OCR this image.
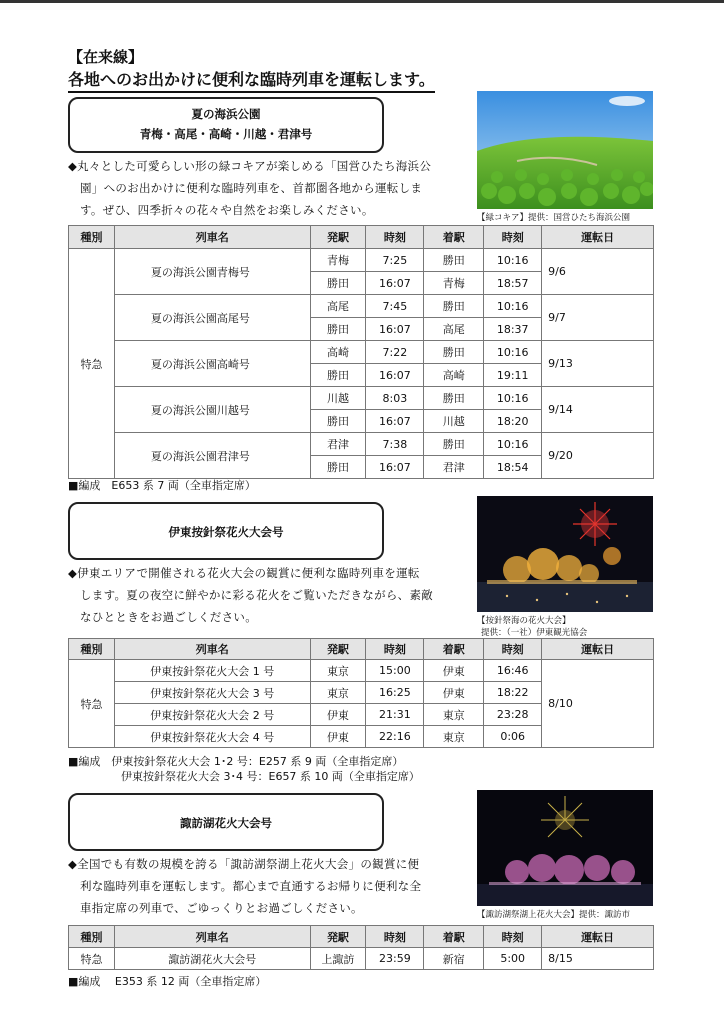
【在来線】
各地へのお出かけに便利な臨時列車を運転します。
夏の海浜公園
青梅・高尾・高崎・川越・君津号
◆丸々とした可愛らしい形の緑コキアが楽しめる「国営ひたち海浜公
園」へのお出かけに便利な臨時列車を、首都圏各地から運転しま
す。ぜひ、四季折々の花々や自然をお楽しみください。
【緑コキア】提供：国営ひたち海浜公園
種別	列車名	発駅	時刻	着駅	時刻	運転日
特急	夏の海浜公園青梅号	青梅	7:25	勝田	10:16	9/6
		勝田	16:07	青梅	18:57	
	夏の海浜公園高尾号	高尾	7:45	勝田	10:16	9/7
		勝田	16:07	高尾	18:37	
	夏の海浜公園高崎号	高崎	7:22	勝田	10:16	9/13
		勝田	16:07	高崎	19:11	
	夏の海浜公園川越号	川越	8:03	勝田	10:16	9/14
		勝田	16:07	川越	18:20	
	夏の海浜公園君津号	君津	7:38	勝田	10:16	9/20
		勝田	16:07	君津	18:54	
■編成　E653 系 7 両（全車指定席）
伊東按針祭花火大会号
◆伊東エリアで開催される花火大会の観賞に便利な臨時列車を運転
します。夏の夜空に鮮やかに彩る花火をご覧いただきながら、素敵
なひとときをお過ごしください。	【按針祭海の花火大会】
提供：（一社）伊東観光協会
種別	列車名	発駅	時刻	着駅	時刻	運転日
特急	伊東按針祭花火大会 1 号	東京	15:00	伊東	16:46	8/10
	伊東按針祭花火大会 3 号	東京	16:25	伊東	18:22	
	伊東按針祭花火大会 2 号	伊東	21:31	東京	23:28	
	伊東按針祭花火大会 4 号	伊東	22:16	東京	0:06	
■編成　伊東按針祭花火大会 1･2 号：E257 系 9 両（全車指定席）
伊東按針祭花火大会 3･4 号：E657 系 10 両（全車指定席）
諏訪湖花火大会号
◆全国でも有数の規模を誇る「諏訪湖祭湖上花火大会」の観賞に便
利な臨時列車を運転します。都心まで直通するお帰りに便利な全
車指定席の列車で、ごゆっくりとお過ごしください。	【諏訪湖祭湖上花火大会】提供：諏訪市
種別	列車名	発駅	時刻	着駅	時刻	運転日
特急	諏訪湖花火大会号	上諏訪	23:59	新宿	5:00	8/15
■編成　 E353 系 12 両（全車指定席）
